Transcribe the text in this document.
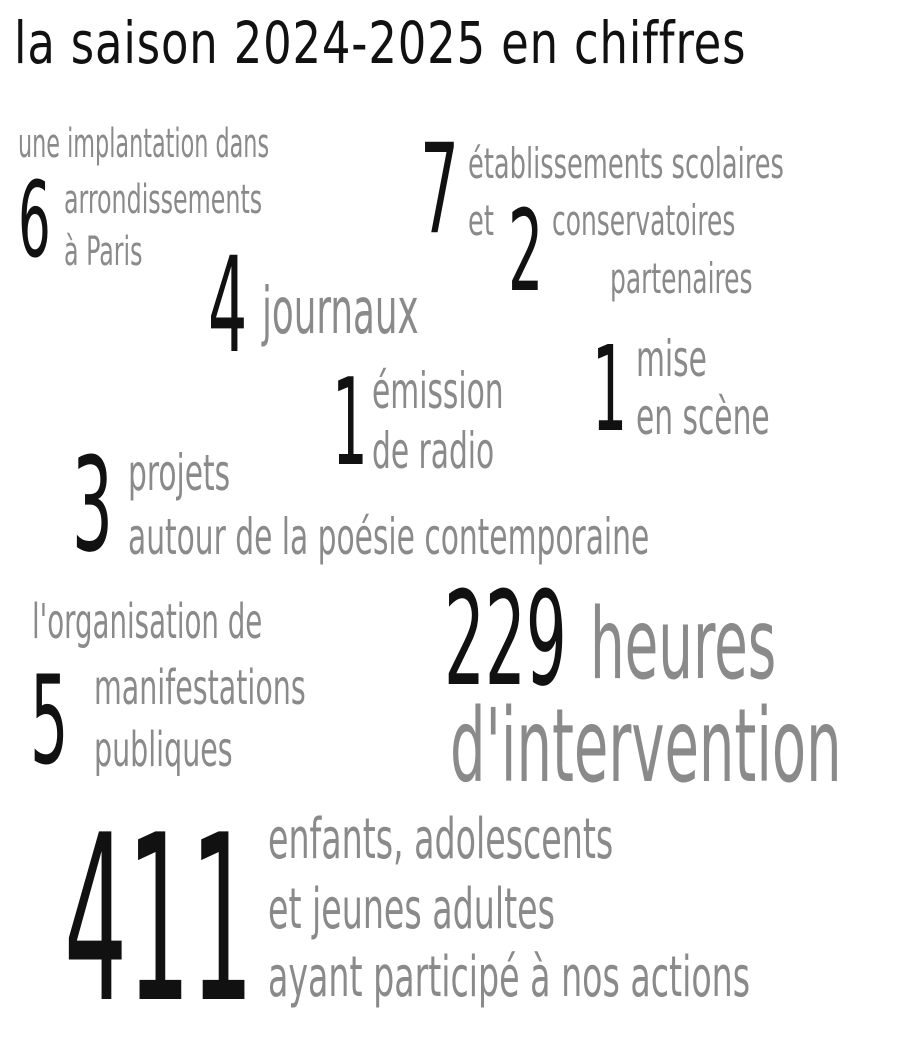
la saison 2024-2025 en chiffres
une implantation dans
6 arrondissements
à Paris 7 établissements scolaires
et 2 conservatoires
partenaires
4 journaux
1 mise
en scène
1 émission
de radio
3 projets
autour de la poésie contemporaine
l'organisation de
5 manifestations
publiques
229 heures
d'intervention
411 enfants, adolescents
et jeunes adultes
ayant participé à nos actions
